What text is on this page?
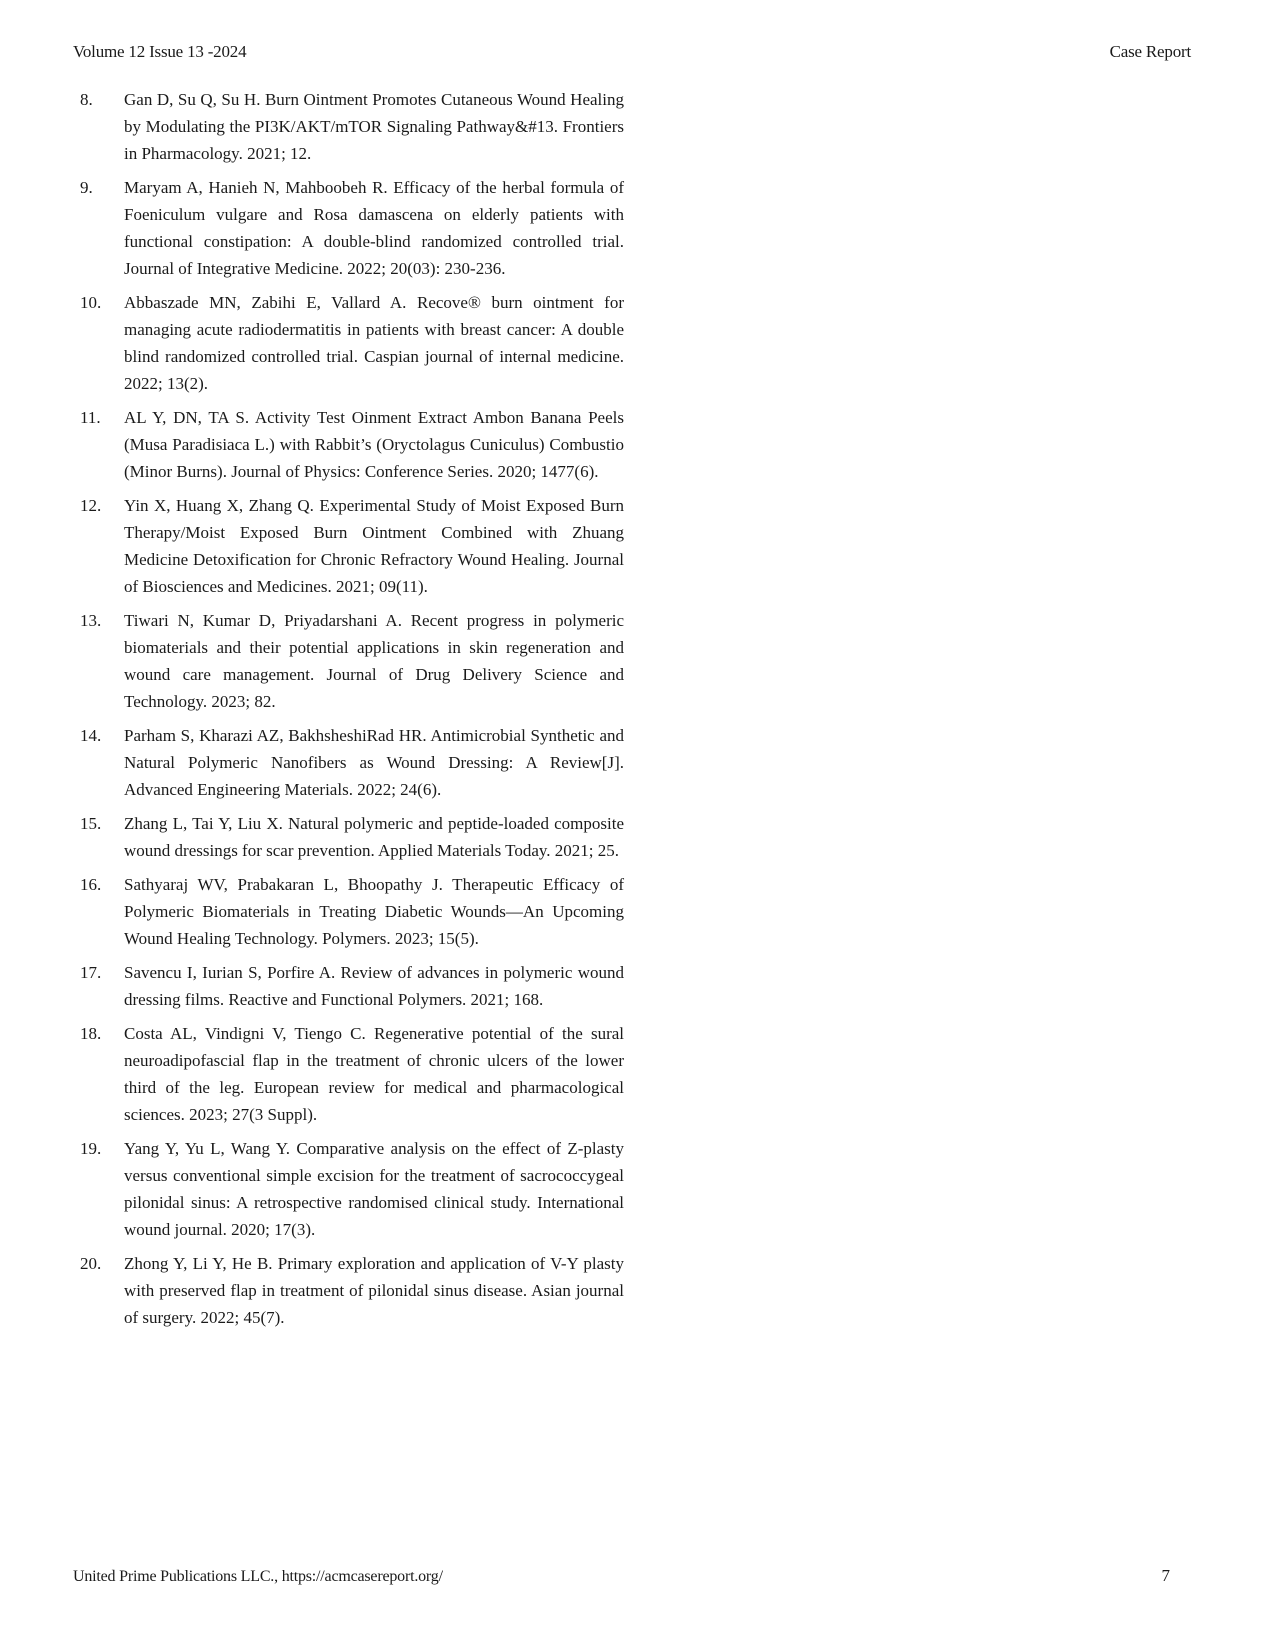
Volume 12 Issue 13 -2024	Case Report
8.	Gan D, Su Q, Su H. Burn Ointment Promotes Cutaneous Wound Healing by Modulating the PI3K/AKT/mTOR Signaling Pathway&#13. Frontiers in Pharmacology. 2021; 12.
9.	Maryam A, Hanieh N, Mahboobeh R. Efficacy of the herbal formula of Foeniculum vulgare and Rosa damascena on elderly patients with functional constipation: A double-blind randomized controlled trial. Journal of Integrative Medicine. 2022; 20(03): 230-236.
10.	Abbaszade MN, Zabihi E, Vallard A. Recove® burn ointment for managing acute radiodermatitis in patients with breast cancer: A double blind randomized controlled trial. Caspian journal of internal medicine. 2022; 13(2).
11.	AL Y, DN, TA S. Activity Test Oinment Extract Ambon Banana Peels (Musa Paradisiaca L.) with Rabbit’s (Oryctolagus Cuniculus) Combustio (Minor Burns). Journal of Physics: Conference Series. 2020; 1477(6).
12.	Yin X, Huang X, Zhang Q. Experimental Study of Moist Exposed Burn Therapy/Moist Exposed Burn Ointment Combined with Zhuang Medicine Detoxification for Chronic Refractory Wound Healing. Journal of Biosciences and Medicines. 2021; 09(11).
13.	Tiwari N, Kumar D, Priyadarshani A. Recent progress in polymeric biomaterials and their potential applications in skin regeneration and wound care management. Journal of Drug Delivery Science and Technology. 2023; 82.
14.	Parham S, Kharazi AZ, BakhsheshiRad HR. Antimicrobial Synthetic and Natural Polymeric Nanofibers as Wound Dressing: A Review[J]. Advanced Engineering Materials. 2022; 24(6).
15.	Zhang L, Tai Y, Liu X. Natural polymeric and peptide-loaded composite wound dressings for scar prevention. Applied Materials Today. 2021; 25.
16.	Sathyaraj WV, Prabakaran L, Bhoopathy J. Therapeutic Efficacy of Polymeric Biomaterials in Treating Diabetic Wounds—An Upcoming Wound Healing Technology. Polymers. 2023; 15(5).
17.	Savencu I, Iurian S, Porfire A. Review of advances in polymeric wound dressing films. Reactive and Functional Polymers. 2021; 168.
18.	Costa AL, Vindigni V, Tiengo C. Regenerative potential of the sural neuroadipofascial flap in the treatment of chronic ulcers of the lower third of the leg. European review for medical and pharmacological sciences. 2023; 27(3 Suppl).
19.	Yang Y, Yu L, Wang Y. Comparative analysis on the effect of Z-plasty versus conventional simple excision for the treatment of sacrococcygeal pilonidal sinus: A retrospective randomised clinical study. International wound journal. 2020; 17(3).
20.	Zhong Y, Li Y, He B. Primary exploration and application of V-Y plasty with preserved flap in treatment of pilonidal sinus disease. Asian journal of surgery. 2022; 45(7).
United Prime Publications LLC., https://acmcasereport.org/	7
